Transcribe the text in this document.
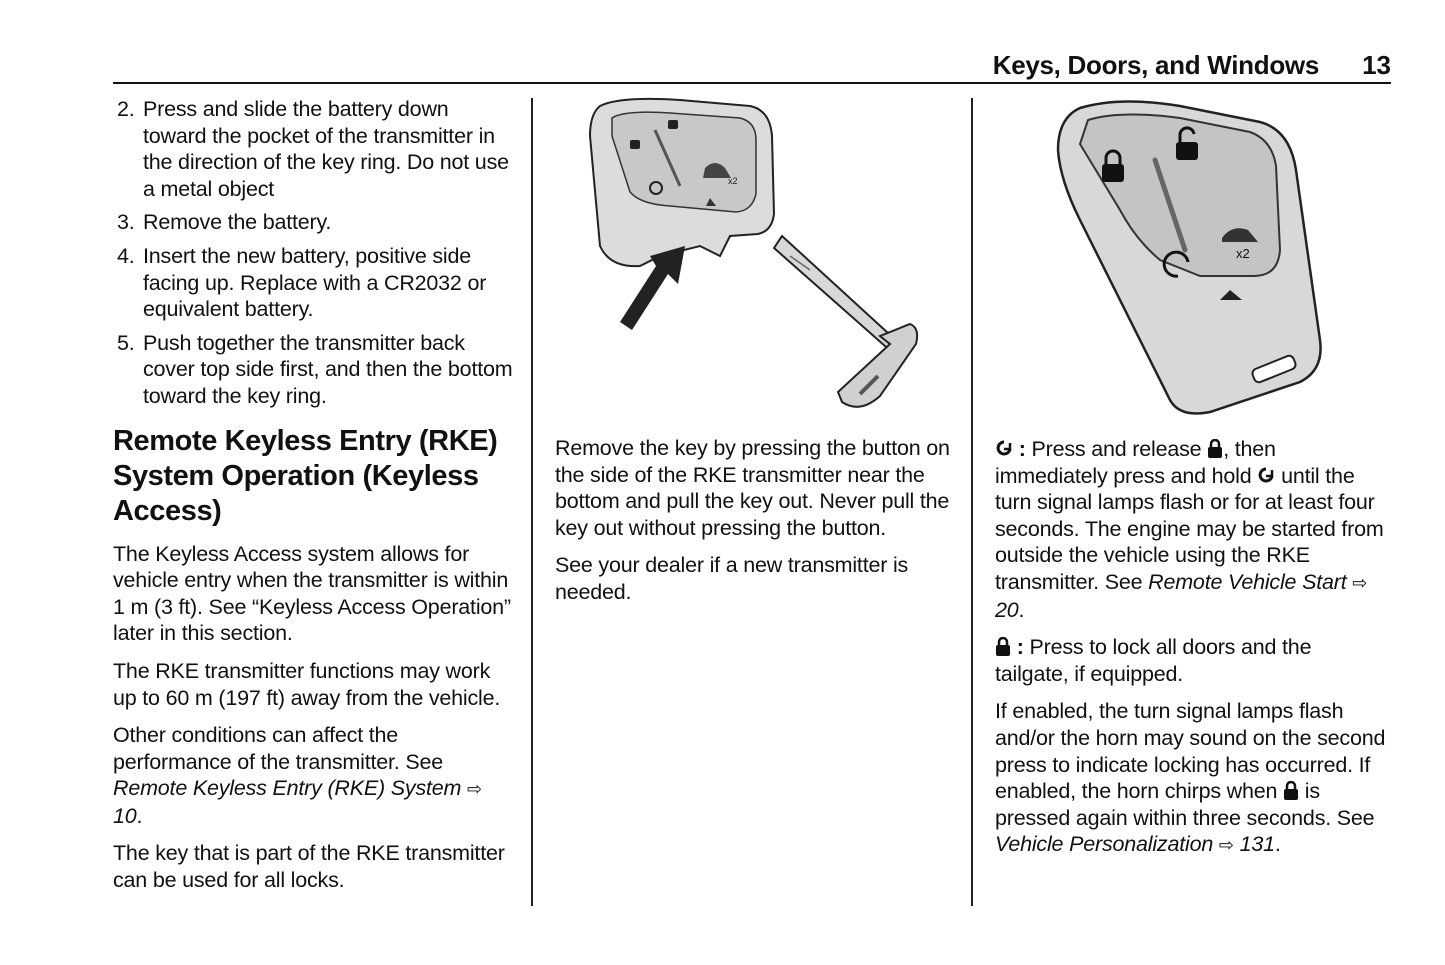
Keys, Doors, and Windows 13
2. Press and slide the battery down toward the pocket of the transmitter in the direction of the key ring. Do not use a metal object
3. Remove the battery.
4. Insert the new battery, positive side facing up. Replace with a CR2032 or equivalent battery.
5. Push together the transmitter back cover top side first, and then the bottom toward the key ring.
Remote Keyless Entry (RKE) System Operation (Keyless Access)

The Keyless Access system allows for vehicle entry when the transmitter is within 1 m (3 ft). See “Keyless Access Operation” later in this section.

The RKE transmitter functions may work up to 60 m (197 ft) away from the vehicle.

Other conditions can affect the performance of the transmitter. See Remote Keyless Entry (RKE) System ⇨ 10.

The key that is part of the RKE transmitter can be used for all locks.

x2

Remove the key by pressing the button on the side of the RKE transmitter near the bottom and pull the key out. Never pull the key out without pressing the button.

See your dealer if a new transmitter is needed.

x2

: Press and release , then immediately press and hold  until the turn signal lamps flash or for at least four seconds. The engine may be started from outside the vehicle using the RKE transmitter. See Remote Vehicle Start ⇨ 20.

: Press to lock all doors and the tailgate, if equipped.

If enabled, the turn signal lamps flash and/or the horn may sound on the second press to indicate locking has occurred. If enabled, the horn chirps when  is pressed again within three seconds. See Vehicle Personalization ⇨ 131.
